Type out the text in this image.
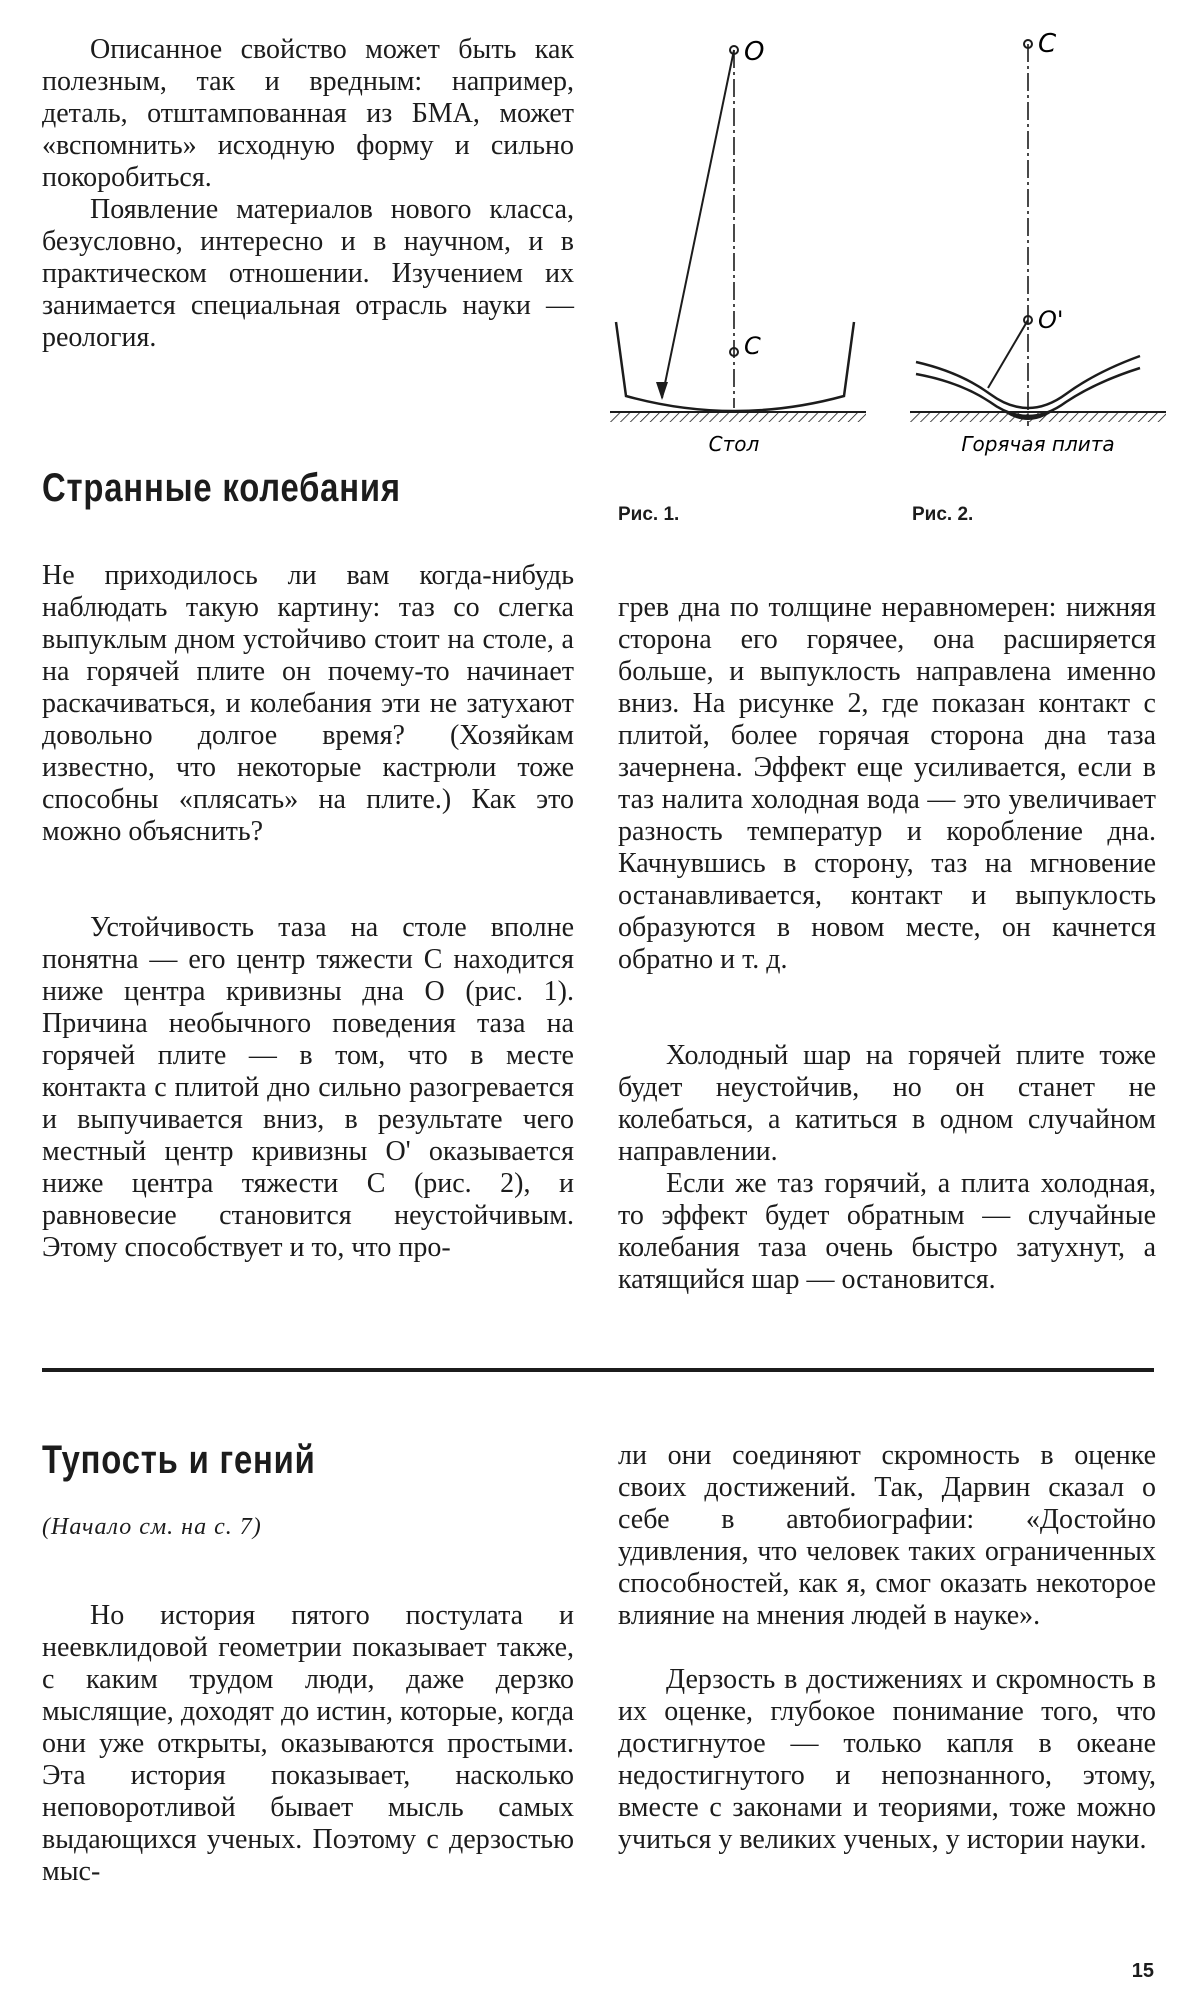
Описанное свойство может быть как полезным, так и вредным: например, деталь, отштампованная из БМА, может «вспомнить» исходную форму и сильно покоробиться.

Появление материалов нового класса, безусловно, интересно и в научном, и в практическом отношении. Изучением их занимается специальная отрасль науки — реология.

O
C
Стол
C
O'
Горячая плита

Рис. 1.	Рис. 2.

Странные колебания

Не приходилось ли вам когда-нибудь наблюдать такую картину: таз со слегка выпуклым дном устойчиво стоит на столе, а на горячей плите он почему-то начинает раскачиваться, и колебания эти не затухают довольно долгое время? (Хозяйкам известно, что некоторые кастрюли тоже способны «плясать» на плите.) Как это можно объяснить?

Устойчивость таза на столе вполне понятна — его центр тяжести С находится ниже центра кривизны дна О (рис. 1). Причина необычного поведения таза на горячей плите — в том, что в месте контакта с плитой дно сильно разогревается и выпучивается вниз, в результате чего местный центр кривизны О' оказывается ниже центра тяжести С (рис. 2), и равновесие становится неустойчивым. Этому способствует и то, что про-

грев дна по толщине неравномерен: нижняя сторона его горячее, она расширяется больше, и выпуклость направлена именно вниз. На рисунке 2, где показан контакт с плитой, более горячая сторона дна таза зачернена. Эффект еще усиливается, если в таз налита холодная вода — это увеличивает разность температур и коробление дна. Качнувшись в сторону, таз на мгновение останавливается, контакт и выпуклость образуются в новом месте, он качнется обратно и т. д.

Холодный шар на горячей плите тоже будет неустойчив, но он станет не колебаться, а катиться в одном случайном направлении.

Если же таз горячий, а плита холодная, то эффект будет обратным — случайные колебания таза очень быстро затухнут, а катящийся шар — остановится.

Тупость и гений

(Начало см. на с. 7)

Но история пятого постулата и неевклидовой геометрии показывает также, с каким трудом люди, даже дерзко мыслящие, доходят до истин, которые, когда они уже открыты, оказываются простыми. Эта история показывает, насколько неповоротливой бывает мысль самых выдающихся ученых. Поэтому с дерзостью мыс-

ли они соединяют скромность в оценке своих достижений. Так, Дарвин сказал о себе в автобиографии: «Достойно удивления, что человек таких ограниченных способностей, как я, смог оказать некоторое влияние на мнения людей в науке».

Дерзость в достижениях и скромность в их оценке, глубокое понимание того, что достигнутое — только капля в океане недостигнутого и непознанного, этому, вместе с законами и теориями, тоже можно учиться у великих ученых, у истории науки.

15
